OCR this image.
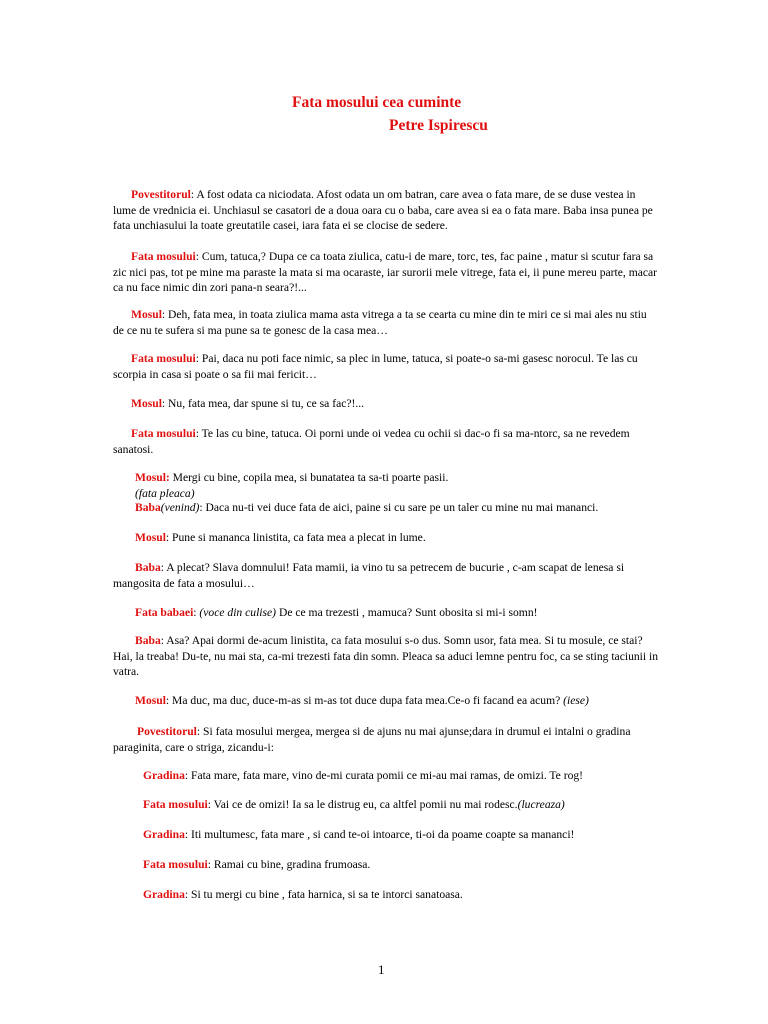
Fata mosului cea cuminte
Petre Ispirescu

Povestitorul: A fost odata ca niciodata. Afost odata un om batran, care avea o fata mare, de se duse vestea in lume de vrednicia ei. Unchiasul se casatori de a doua oara cu o baba, care avea si ea o fata mare. Baba insa punea pe fata unchiasului la toate greutatile casei, iara fata ei se clocise de sedere.

Fata mosului: Cum, tatuca,? Dupa ce ca toata ziulica, catu-i de mare, torc, tes, fac paine , matur si scutur fara sa zic nici pas, tot pe mine ma paraste la mata si ma ocaraste, iar surorii mele vitrege, fata ei, ii pune mereu parte, macar ca nu face nimic din zori pana-n seara?!...

Mosul: Deh, fata mea, in toata ziulica mama asta vitrega a ta se cearta cu mine din te miri ce si mai ales nu stiu de ce nu te sufera si ma pune sa te gonesc de la casa mea…

Fata mosului: Pai, daca nu poti face nimic, sa plec in lume, tatuca, si poate-o sa-mi gasesc norocul. Te las cu scorpia in casa si poate o sa fii mai fericit…

Mosul: Nu, fata mea, dar spune si tu, ce sa fac?!...

Fata mosului: Te las cu bine, tatuca. Oi porni unde oi vedea cu ochii si dac-o fi sa ma-ntorc, sa ne revedem sanatosi.

Mosul: Mergi cu bine, copila mea, si bunatatea ta sa-ti poarte pasii.

(fata pleaca)

Baba(venind): Daca nu-ti vei duce fata de aici, paine si cu sare pe un taler cu mine nu mai mananci.

Mosul: Pune si mananca linistita, ca fata mea a plecat in lume.

Baba: A plecat? Slava domnului! Fata mamii, ia vino tu sa petrecem de bucurie , c-am scapat de lenesa si mangosita de fata a mosului…

Fata babaei: (voce din culise) De ce ma trezesti , mamuca? Sunt obosita si mi-i somn!

Baba: Asa? Apai dormi de-acum linistita, ca fata mosului s-o dus. Somn usor, fata mea. Si tu mosule, ce stai? Hai, la treaba! Du-te, nu mai sta, ca-mi trezesti fata din somn. Pleaca sa aduci lemne pentru foc, ca se sting taciunii in vatra.

Mosul: Ma duc, ma duc, duce-m-as si m-as tot duce dupa fata mea.Ce-o fi facand ea acum? (iese)

Povestitorul: Si fata mosului mergea, mergea si de ajuns nu mai ajunse;dara in drumul ei intalni o gradina paraginita, care o striga, zicandu-i:

Gradina: Fata mare, fata mare, vino de-mi curata pomii ce mi-au mai ramas, de omizi. Te rog!

Fata mosului: Vai ce de omizi! Ia sa le distrug eu, ca altfel pomii nu mai rodesc.(lucreaza)

Gradina: Iti multumesc, fata mare , si cand te-oi intoarce, ti-oi da poame coapte sa mananci!

Fata mosului: Ramai cu bine, gradina frumoasa.

Gradina: Si tu mergi cu bine , fata harnica, si sa te intorci sanatoasa.

1
